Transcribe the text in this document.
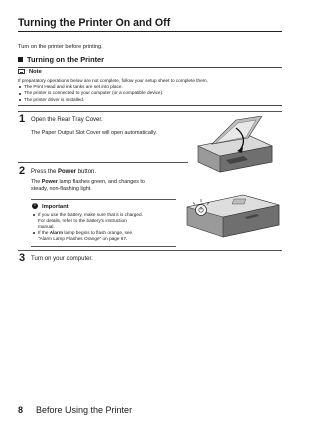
Turning the Printer On and Off
Turn on the printer before printing.
Turning on the Printer
Note
If preparatory operations below are not complete, follow your setup sheet to complete them.
The Print Head and ink tanks are set into place.
The printer is connected to your computer (or a compatible device).
The printer driver is installed.
1 Open the Rear Tray Cover.
The Paper Output Slot Cover will open automatically.
2 Press the Power button.
The Power lamp flashes green, and changes to
steady, non-flashing light.
!Important
If you use the battery, make sure that it is charged.
For details, refer to the battery's instruction
manual.
If the Alarm lamp begins to flash orange, see
"Alarm Lamp Flashes Orange" on page 67.
3 Turn on your computer.
8 Before Using the Printer
